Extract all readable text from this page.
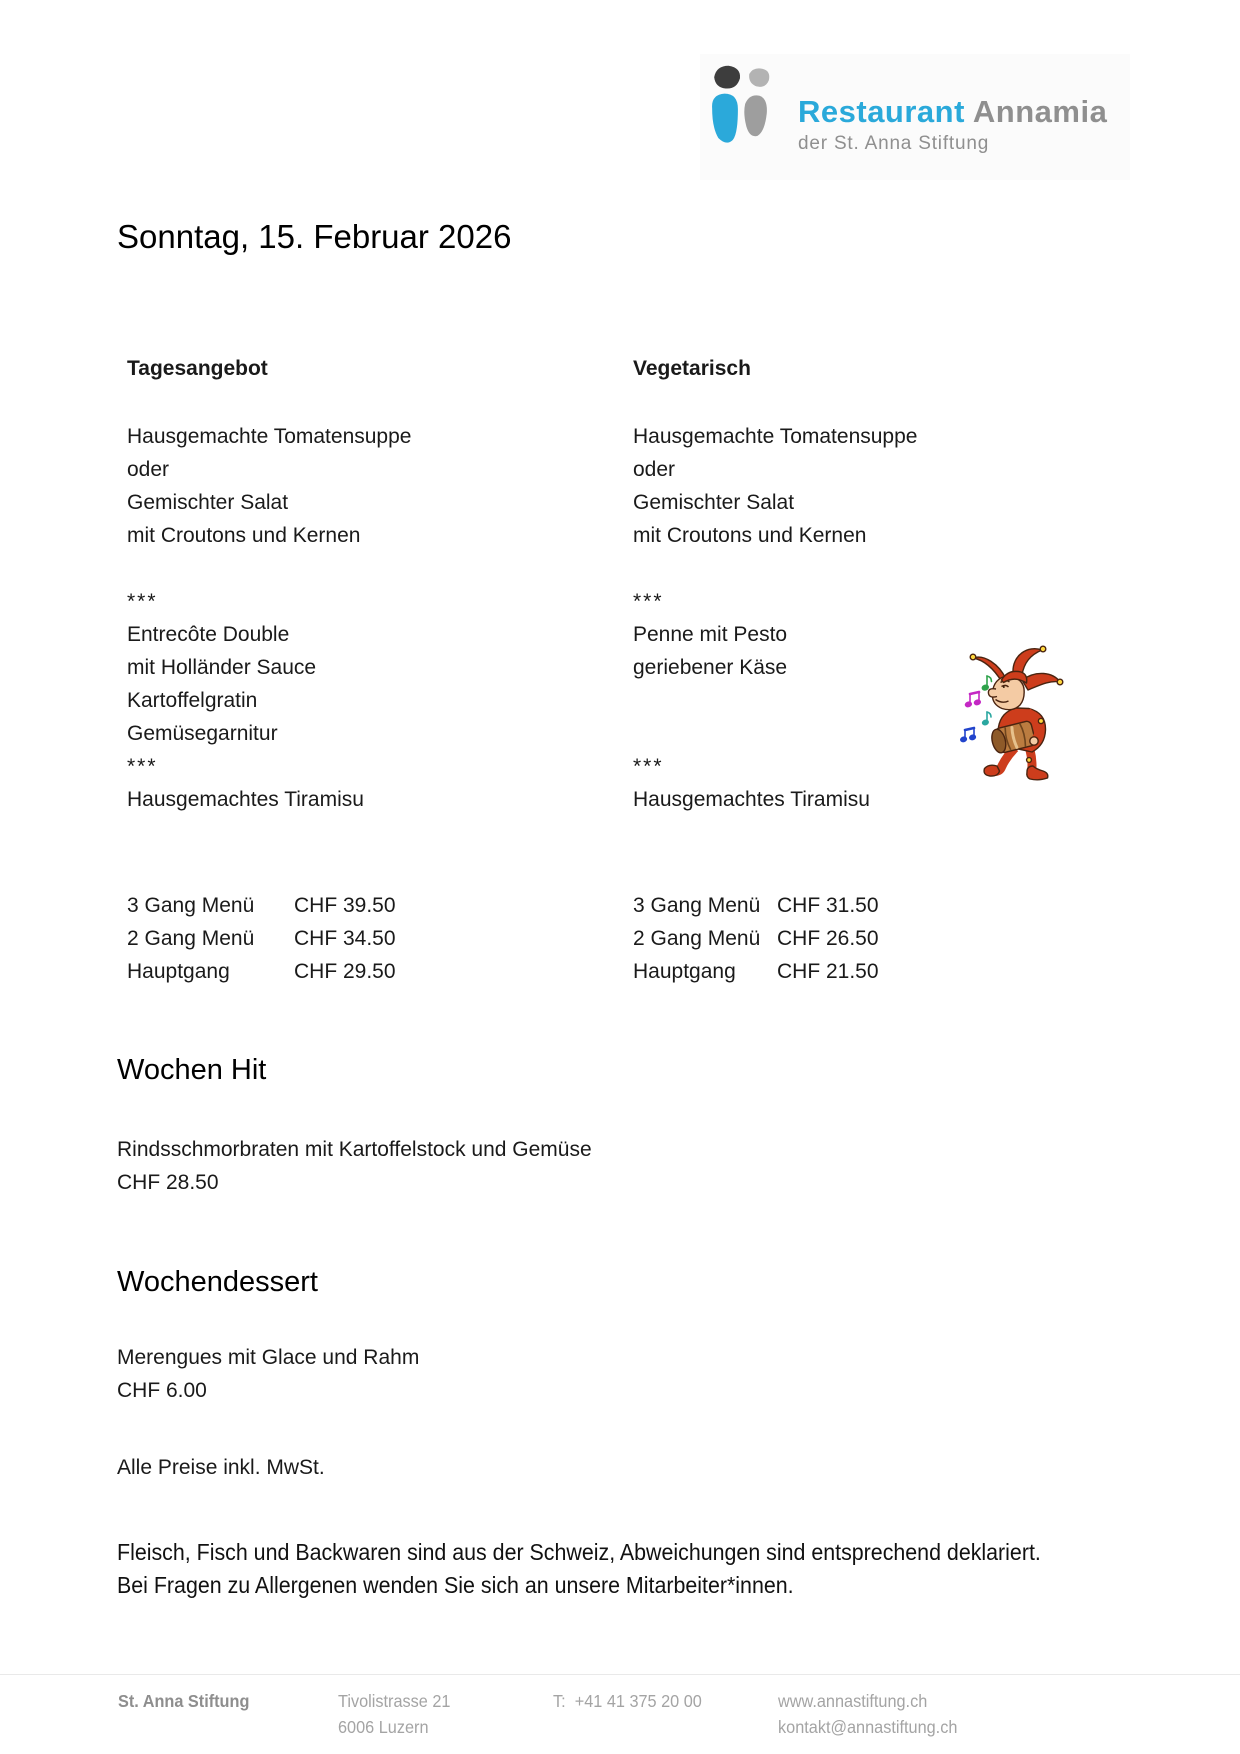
Restaurant Annamia
der St. Anna Stiftung
Sonntag, 15. Februar 2026
Tagesangebot
Hausgemachte Tomatensuppe
oder
Gemischter Salat
mit Croutons und Kernen
***
Entrecôte Double
mit Holländer Sauce
Kartoffelgratin
Gemüsegarnitur
***
Hausgemachtes Tiramisu
Vegetarisch
Hausgemachte Tomatensuppe
oder
Gemischter Salat
mit Croutons und Kernen
***
Penne mit Pesto
geriebener Käse
***
Hausgemachtes Tiramisu
3 Gang Menü	CHF 39.50
2 Gang Menü	CHF 34.50
Hauptgang	CHF 29.50
3 Gang Menü CHF 31.50
2 Gang Menü CHF 26.50
Hauptgang	CHF 21.50
Wochen Hit
Rindsschmorbraten mit Kartoffelstock und Gemüse
CHF 28.50
Wochendessert
Merengues mit Glace und Rahm
CHF 6.00
Alle Preise inkl. MwSt.
Fleisch, Fisch und Backwaren sind aus der Schweiz, Abweichungen sind entsprechend deklariert.
Bei Fragen zu Allergenen wenden Sie sich an unsere Mitarbeiter*innen.
St. Anna Stiftung	Tivolistrasse 21
6006 Luzern
T:  +41 41 375 20 00	www.annastiftung.ch
kontakt@annastiftung.ch
